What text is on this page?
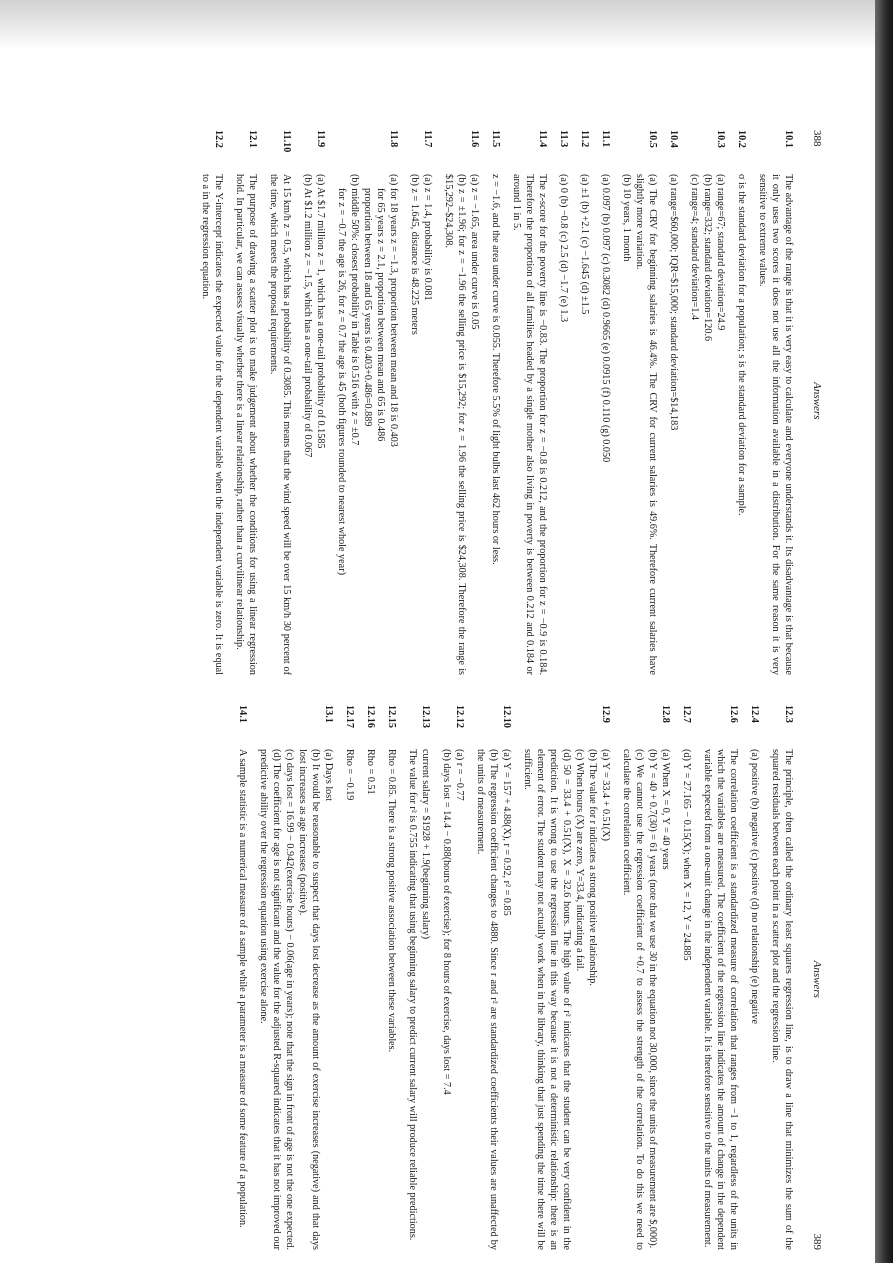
388
Answers
10.1
The advantage of the range is that it is very easy to calculate and everyone understands it. Its disadvantage is that because it only uses two scores it does not use all the information available in a distribution. For the same reason it is very sensitive to extreme values.
10.2
σ is the standard deviation for a population; s is the standard deviation for a sample.
10.3
(a) range=67; standard deviation=24.9
(b) range=332; standard deviation=120.6
(c) range=4; standard deviation=1.4
10.4
(a) range=$60,000; IQR=$15,000; standard deviation=$14,183
10.5
(a) The CRV for beginning salaries is 46.4%. The CRV for current salaries is 49.6%. Therefore current salaries have slightly more variation.
(b) 10 years, 1 month
11.1
(a) 0.097 (b) 0.097 (c) 0.3082 (d) 0.9665 (e) 0.0915 (f) 0.110 (g) 0.050
11.2
(a) ±1 (b) +2.1 (c) −1.645 (d) ±1.5
11.3
(a) 0 (b) −0.8 (c) 2.5 (d) −1.7 (e) 1.3
11.4
The z-score for the poverty line is −0.83. The proportion for z = −0.8 is 0.212, and the proportion for z = −0.9 is 0.184. Therefore the proportion of all families headed by a single mother also living in poverty is between 0.212 and 0.184 or around 1 in 5.
11.5
z = −1.6, and the area under curve is 0.055. Therefore 5.5% of light bulbs last 462 hours or less.
11.6
(a) z = −1.65, area under curve is 0.05
(b) z = ±1.96; for z = −1.96 the selling price is $15,292; for z = 1.96 the selling price is $24,308. Therefore the range is $15,292–$24,308.
11.7
(a) z = 1.4, probability is 0.081
(b) z = 1.645, distance is 48.225 meters
11.8
(a) for 18 years z = −1.3, proportion between mean and 18 is 0.403
for 65 years z = 2.1, proportion between mean and 65 is 0.486
proportion between 18 and 65 years is 0.403+0.486=0.889
(b) middle 50%: closest probability in Table is 0.516 with z = ±0.7
for z = −0.7 the age is 26, for z = 0.7 the age is 45 (both figures rounded to nearest whole year)
11.9
(a) At $1.7 million z = 1, which has a one-tail probability of 0.1585
(b) At $1.2 million z = −1.5, which has a one-tail probability of 0.067
11.10
At 15 km/h z = 0.5, which has a probability of 0.3085. This means that the wind speed will be over 15 km/h 30 percent of the time, which meets the proposal requirements.
12.1
The purpose of drawing a scatter plot is to make judgement about whether the conditions for using a linear regression hold. In particular, we can assess visually whether there is a linear relationship, rather than a curvilinear relationship.
12.2
The Y-intercept indicates the expected value for the dependent variable when the independent variable is zero. It is equal to a in the regression equation.
Answers
389
12.3
The principle, often called the ordinary least squares regression line, is to draw a line that minimizes the sum of the squared residuals between each point in a scatter plot and the regression line.
12.4
(a) positive (b) negative (c) positive (d) no relationship (e) negative
12.6
The correlation coefficient is a standardized measure of correlation that ranges from −1 to 1, regardless of the units in which the variables are measured. The coefficient of the regression line indicates the amount of change in the dependent variable expected from a one-unit change in the independent variable. It is therefore sensitive to the units of measurement.
12.7
(d) Y = 27.165 − 0.15(X); when X = 12, Y = 24.885
12.8
(a) When X = 0, Y = 40 years
(b) Y = 40 + 0.7(30) = 61 years (note that we use 30 in the equation not 30,000, since the units of measurement are $,000).
(c) We cannot use the regression coefficient of +0.7 to assess the strength of the correlation. To do this we need to calculate the correlation coefficient.
12.9
(a) Y = 33.4 + 0.51(X)
(b) The value for r indicates a strong positive relationship.
(c) When hours (X) are zero, Y=33.4, indicating a fail.
(d) 50 = 33.4 + 0.51(X), X = 32.6 hours. The high value of r² indicates that the student can be very confident in the prediction. It is wrong to use the regression line in this way because it is not a deterministic relationship: there is an element of error. The student may not actually work when in the library, thinking that just spending the time there will be sufficient.
12.10
(a) Y = 157 + 4.88(X), r = 0.92, r² = 0.85
(b) The regression coefficient changes to 4880. Since r and r² are standardized coefficients their values are unaffected by the units of measurement.
12.12
(a) r = −0.77
(b) days lost = 14.4 − 0.88(hours of exercise); for 8 hours of exercise, days lost = 7.4
12.13
current salary = $1928 + 1.9(beginning salary)
The value for r² is 0.755 indicating that using beginning salary to predict current salary will produce reliable predictions.
12.15
Rho = 0.85. There is a strong positive association between these variables.
12.16
Rho = 0.51
12.17
Rho = −0.19
13.1
(a) Days lost
(b) It would be reasonable to suspect that days lost decrease as the amount of exercise increases (negative) and that days lost increases as age increases (positive).
(c) days lost = 16.99 − 0.942(exercise hours) − 0.06(age in years); note that the sign in front of age is not the one expected.
(d) The coefficient for age is not significant and the value for the adjusted R-squared indicates that it has not improved our predictive ability over the regression equation using exercise alone.
14.1
A sample statistic is a numerical measure of a sample while a parameter is a measure of some feature of a population.
